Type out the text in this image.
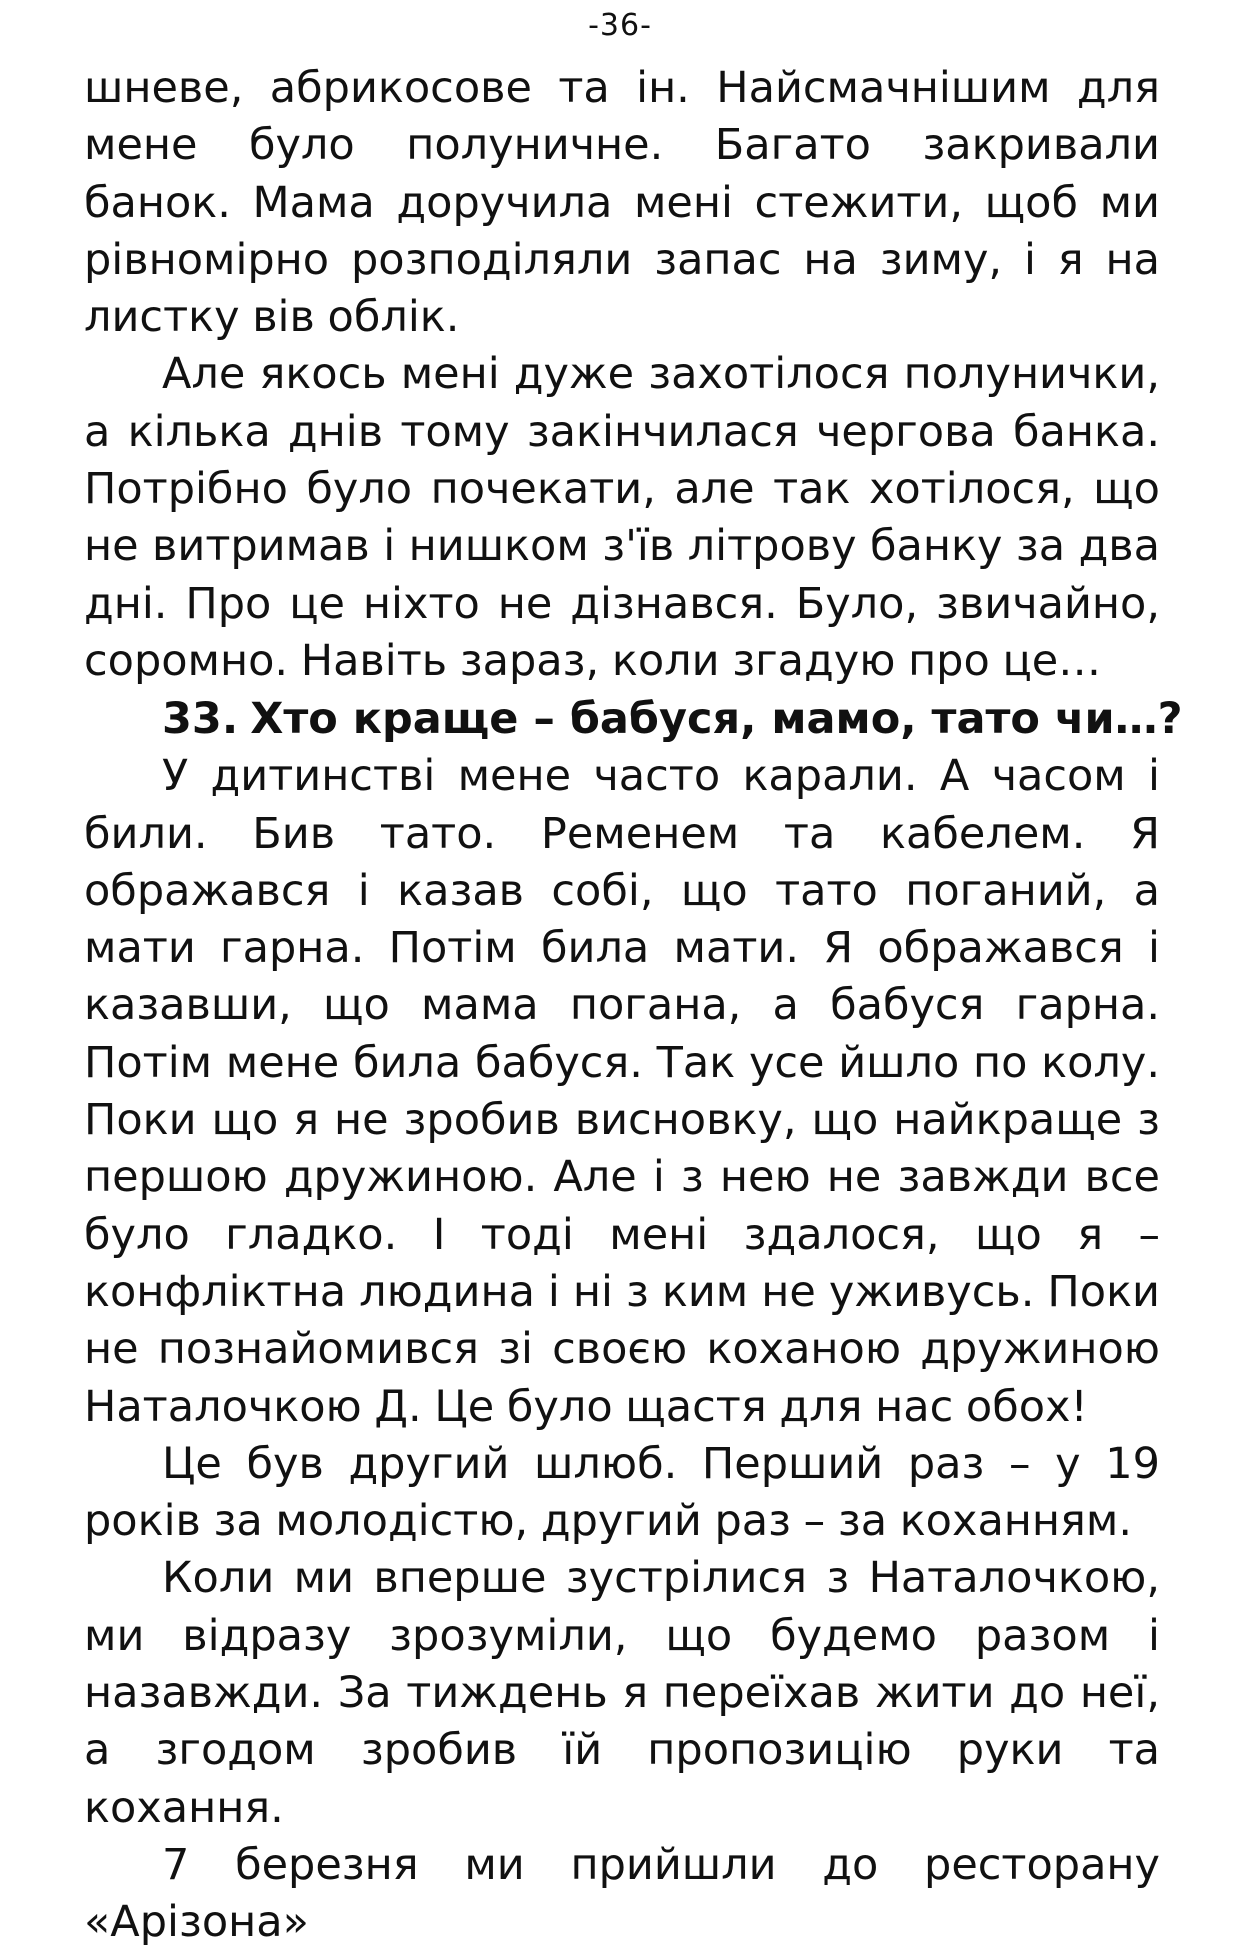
-36-

шневе, абрикосове та ін. Найсмачнішим для мене було полуничне. Багато закривали банок. Мама доручила мені стежити, щоб ми рівномірно розподіляли запас на зиму, і я на листку вів облік.

Але якось мені дуже захотілося полунички, а кілька днів тому закінчилася чергова банка. Потрібно було почекати, але так хотілося, що не витримав і нишком з'їв літрову банку за два дні. Про це ніхто не дізнався. Було, звичайно, соромно. Навіть зараз, коли згадую про це…

33. Хто краще – бабуся, мамо, тато чи…?

У дитинстві мене часто карали. А часом і били. Бив тато. Ременем та кабелем. Я ображався і казав собі, що тато поганий, а мати гарна. Потім била мати. Я ображався і казавши, що мама погана, а бабуся гарна. Потім мене била бабуся. Так усе йшло по колу. Поки що я не зробив висновку, що найкраще з першою дружиною. Але і з нею не завжди все було гладко. І тоді мені здалося, що я – конфліктна людина і ні з ким не уживусь. Поки не познайомився зі своєю коханою дружиною Наталочкою Д. Це було щастя для нас обох!

Це був другий шлюб. Перший раз – у 19 років за молодістю, другий раз – за коханням.

Коли ми вперше зустрілися з Наталочкою, ми відразу зрозуміли, що будемо разом і назавжди. За тиждень я переїхав жити до неї, а згодом зробив їй пропозицію руки та кохання.

7 березня ми прийшли до ресторану «Арізона»
